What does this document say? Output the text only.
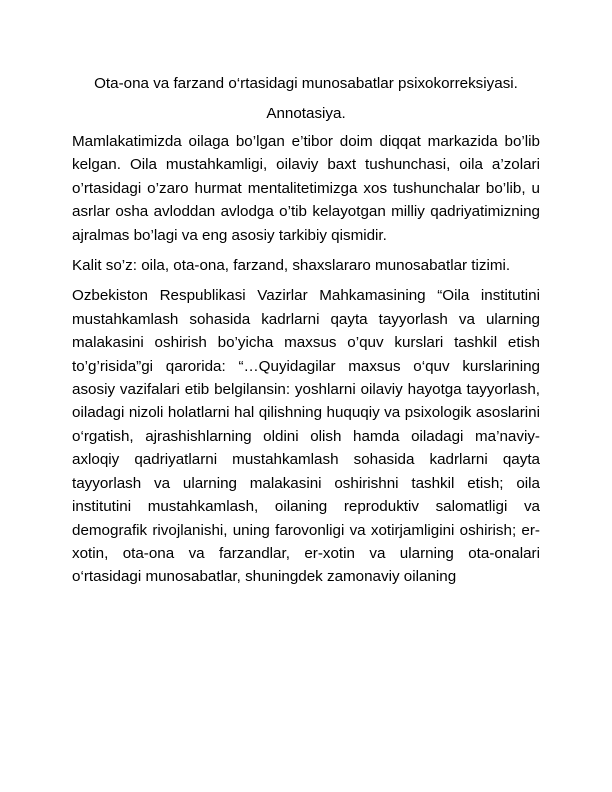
Ota-ona va farzand o‘rtasidagi munosabatlar psixokorreksiyasi.
Annotasiya.

Mamlakatimizda oilaga bo’lgan e’tibor doim diqqat markazida bo’lib kelgan. Oila mustahkamligi, oilaviy baxt tushunchasi, oila a’zolari o’rtasidagi o’zaro hurmat mentalitetimizga xos tushunchalar bo’lib, u asrlar osha avloddan avlodga o’tib kelayotgan milliy qadriyatimizning ajralmas bo’lagi va eng asosiy tarkibiy qismidir.

Kalit so’z: oila, ota-ona, farzand, shaxslararo munosabatlar tizimi.

Ozbekiston Respublikasi Vazirlar Mahkamasining “Oila institutini mustahkamlash sohasida kadrlarni qayta tayyorlash va ularning malakasini oshirish bo’yicha maxsus o’quv kurslari tashkil etish to’g’risida”gi qarorida: “…Quyidagilar maxsus o‘quv kurslarining asosiy vazifalari etib belgilansin: yoshlarni oilaviy hayotga tayyorlash, oiladagi nizoli holatlarni hal qilishning huquqiy va psixologik asoslarini o‘rgatish, ajrashishlarning oldini olish hamda oiladagi ma’naviy-axloqiy qadriyatlarni mustahkamlash sohasida kadrlarni qayta tayyorlash va ularning malakasini oshirishni tashkil etish; oila institutini mustahkamlash, oilaning reproduktiv salomatligi va demografik rivojlanishi, uning farovonligi va xotirjamligini oshirish; er-xotin, ota-ona va farzandlar, er-xotin va ularning ota-onalari o‘rtasidagi munosabatlar, shuningdek zamonaviy oilaning
